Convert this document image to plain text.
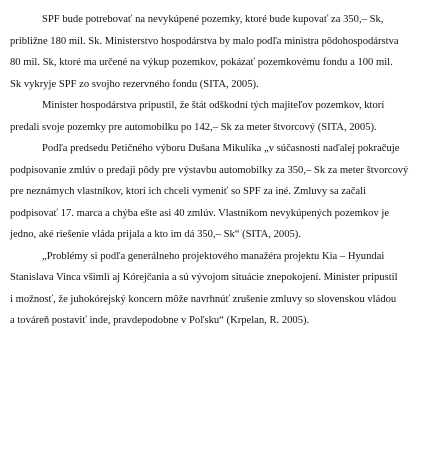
SPF bude potrebovať na nevykúpené pozemky, ktoré bude kupovať za 350,– Sk,
približne 180 mil. Sk. Ministerstvo hospodárstva by malo podľa ministra pôdohospodárstva
80 mil. Sk, ktoré ma určené na výkup pozemkov, pokázať pozemkovému fondu a 100 mil.
Sk vykryje SPF zo svojho rezervného fondu (SITA, 2005).
Minister hospodárstva pripustil, že štát odškodní tých majiteľov pozemkov, ktorí
predali svoje pozemky pre automobilku po 142,– Sk za meter štvorcový (SITA, 2005).
Podľa predsedu Petičného výboru Dušana Mikulíka „v súčasnosti naďalej pokračuje
podpisovanie zmlúv o predaji pôdy pre výstavbu automobilky za 350,– Sk za meter štvorcový
pre neznámych vlastníkov, ktorí ich chceli vymeniť so SPF za iné. Zmluvy sa začali
podpisovať 17. marca a chýba ešte asi 40 zmlúv. Vlastníkom nevykúpených pozemkov je
jedno, aké riešenie vláda prijala a kto im dá 350,– Sk“ (SITA, 2005).
„Problémy si podľa generálneho projektového manažéra projektu Kia – Hyundai
Stanislava Vinca všimli aj Kórejčania a sú vývojom situácie znepokojení. Minister pripustil
i možnosť, že juhokórejský koncern môže navrhnúť zrušenie zmluvy so slovenskou vládou
a továreň postaviť inde, pravdepodobne v Poľsku“ (Krpelan, R. 2005).
